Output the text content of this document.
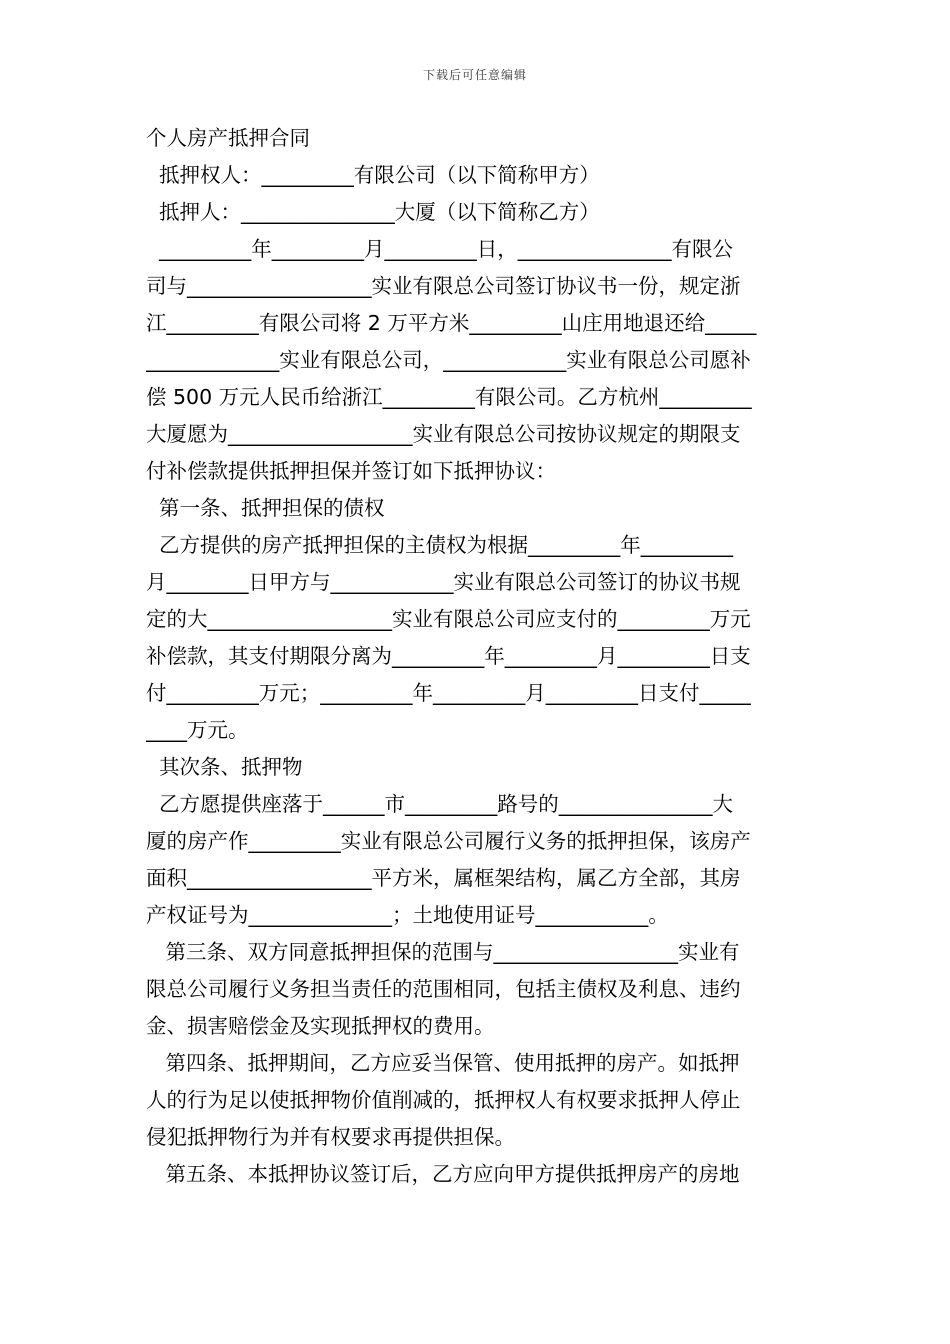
下载后可任意编辑
个人房产抵押合同
抵押权人：_________有限公司（以下简称甲方）
抵押人：_______________大厦（以下简称乙方）
_________年_________月_________日，_______________有限公
司与__________________实业有限总公司签订协议书一份，规定浙
江_________有限公司将 2 万平方米_________山庄用地退还给_____
_____________实业有限总公司，____________实业有限总公司愿补
偿 500 万元人民币给浙江_________有限公司。乙方杭州_________
大厦愿为__________________实业有限总公司按协议规定的期限支
付补偿款提供抵押担保并签订如下抵押协议：
第一条、抵押担保的债权
乙方提供的房产抵押担保的主债权为根据_________年_________
月________日甲方与____________实业有限总公司签订的协议书规
定的大__________________实业有限总公司应支付的_________万元
补偿款，其支付期限分离为_________年_________月_________日支
付_________万元；_________年_________月_________日支付_____
____万元。
其次条、抵押物
乙方愿提供座落于______市_________路号的_______________大
厦的房产作_________实业有限总公司履行义务的抵押担保，该房产
面积__________________平方米，属框架结构，属乙方全部，其房
产权证号为______________；土地使用证号___________。
第三条、双方同意抵押担保的范围与__________________实业有
限总公司履行义务担当责任的范围相同，包括主债权及利息、违约
金、损害赔偿金及实现抵押权的费用。
第四条、抵押期间，乙方应妥当保管、使用抵押的房产。如抵押
人的行为足以使抵押物价值削减的，抵押权人有权要求抵押人停止
侵犯抵押物行为并有权要求再提供担保。
第五条、本抵押协议签订后，乙方应向甲方提供抵押房产的房地
